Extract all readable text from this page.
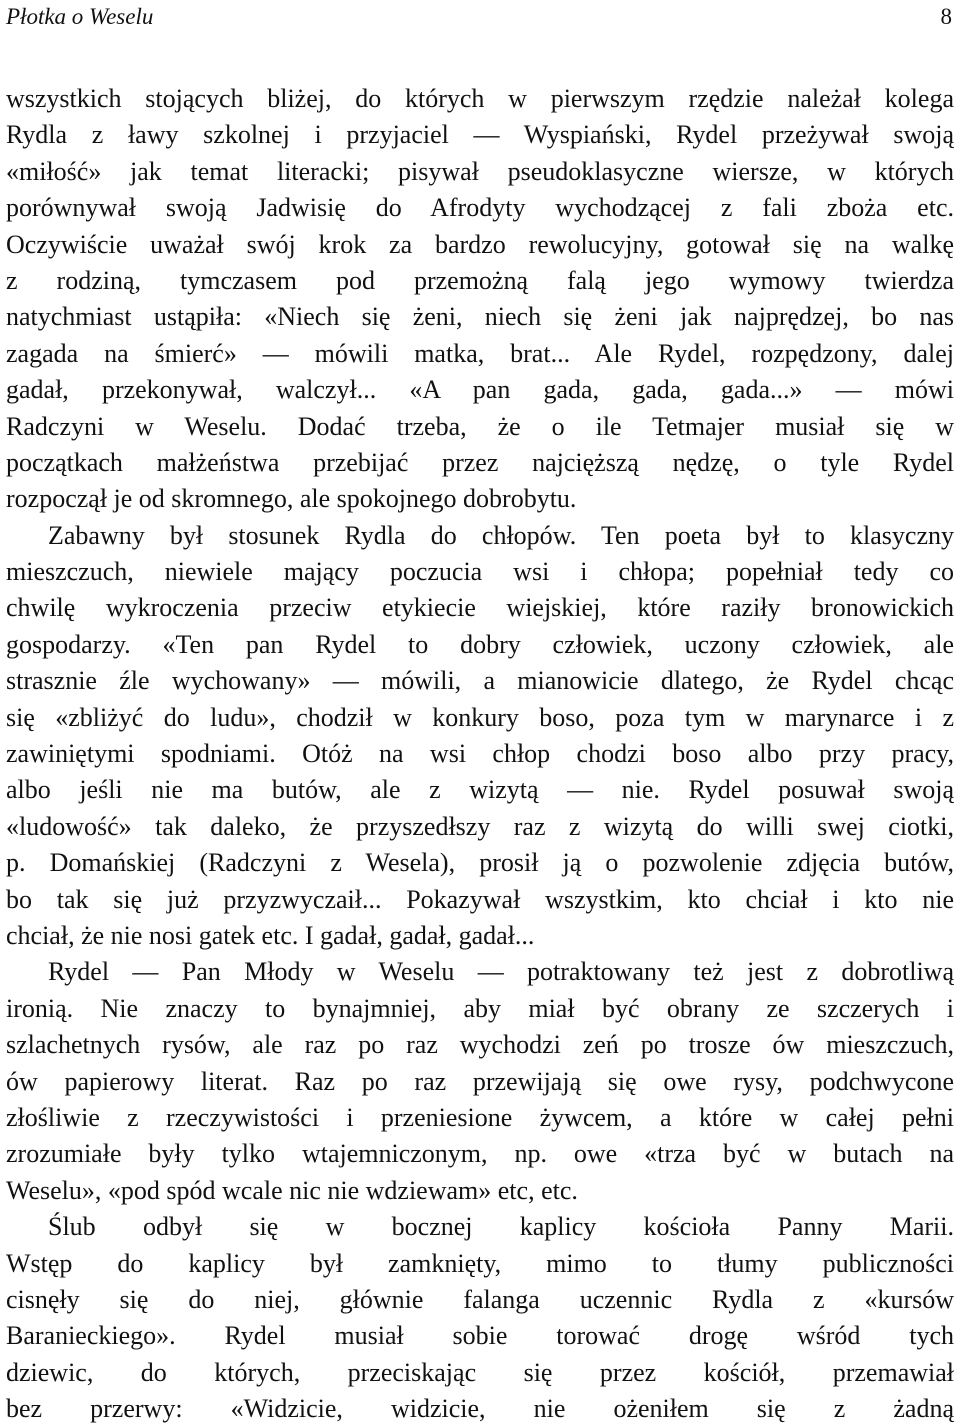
Płotka o Weselu	8
wszystkich stojących bliżej, do których w pierwszym rzędzie należał kolega
Rydla z ławy szkolnej i przyjaciel — Wyspiański, Rydel przeżywał swoją
«miłość» jak temat literacki; pisywał pseudoklasyczne wiersze, w których
porównywał swoją Jadwisię do Afrodyty wychodzącej z fali zboża etc.
Oczywiście uważał swój krok za bardzo rewolucyjny, gotował się na walkę
z rodziną, tymczasem pod przemożną falą jego wymowy twierdza
natychmiast ustąpiła: «Niech się żeni, niech się żeni jak najprędzej, bo nas
zagada na śmierć» — mówili matka, brat... Ale Rydel, rozpędzony, dalej
gadał, przekonywał, walczył... «A pan gada, gada, gada...» — mówi
Radczyni w Weselu. Dodać trzeba, że o ile Tetmajer musiał się w
początkach małżeństwa przebijać przez najcięższą nędzę, o tyle Rydel
rozpoczął je od skromnego, ale spokojnego dobrobytu.
Zabawny był stosunek Rydla do chłopów. Ten poeta był to klasyczny
mieszczuch, niewiele mający poczucia wsi i chłopa; popełniał tedy co
chwilę wykroczenia przeciw etykiecie wiejskiej, które raziły bronowickich
gospodarzy. «Ten pan Rydel to dobry człowiek, uczony człowiek, ale
strasznie źle wychowany» — mówili, a mianowicie dlatego, że Rydel chcąc
się «zbliżyć do ludu», chodził w konkury boso, poza tym w marynarce i z
zawiniętymi spodniami. Otóż na wsi chłop chodzi boso albo przy pracy,
albo jeśli nie ma butów, ale z wizytą — nie. Rydel posuwał swoją
«ludowość» tak daleko, że przyszedłszy raz z wizytą do willi swej ciotki,
p. Domańskiej (Radczyni z Wesela), prosił ją o pozwolenie zdjęcia butów,
bo tak się już przyzwyczaił... Pokazywał wszystkim, kto chciał i kto nie
chciał, że nie nosi gatek etc. I gadał, gadał, gadał...
Rydel — Pan Młody w Weselu — potraktowany też jest z dobrotliwą
ironią. Nie znaczy to bynajmniej, aby miał być obrany ze szczerych i
szlachetnych rysów, ale raz po raz wychodzi zeń po trosze ów mieszczuch,
ów papierowy literat. Raz po raz przewijają się owe rysy, podchwycone
złośliwie z rzeczywistości i przeniesione żywcem, a które w całej pełni
zrozumiałe były tylko wtajemniczonym, np. owe «trza być w butach na
Weselu», «pod spód wcale nic nie wdziewam» etc, etc.
Ślub odbył się w bocznej kaplicy kościoła Panny Marii.
Wstęp do kaplicy był zamknięty, mimo to tłumy publiczności
cisnęły się do niej, głównie falanga uczennic Rydla z «kursów
Baranieckiego». Rydel musiał sobie torować drogę wśród tych
dziewic, do których, przeciskając się przez kościół, przemawiał
bez przerwy: «Widzicie, widzicie, nie ożeniłem się z żadną
